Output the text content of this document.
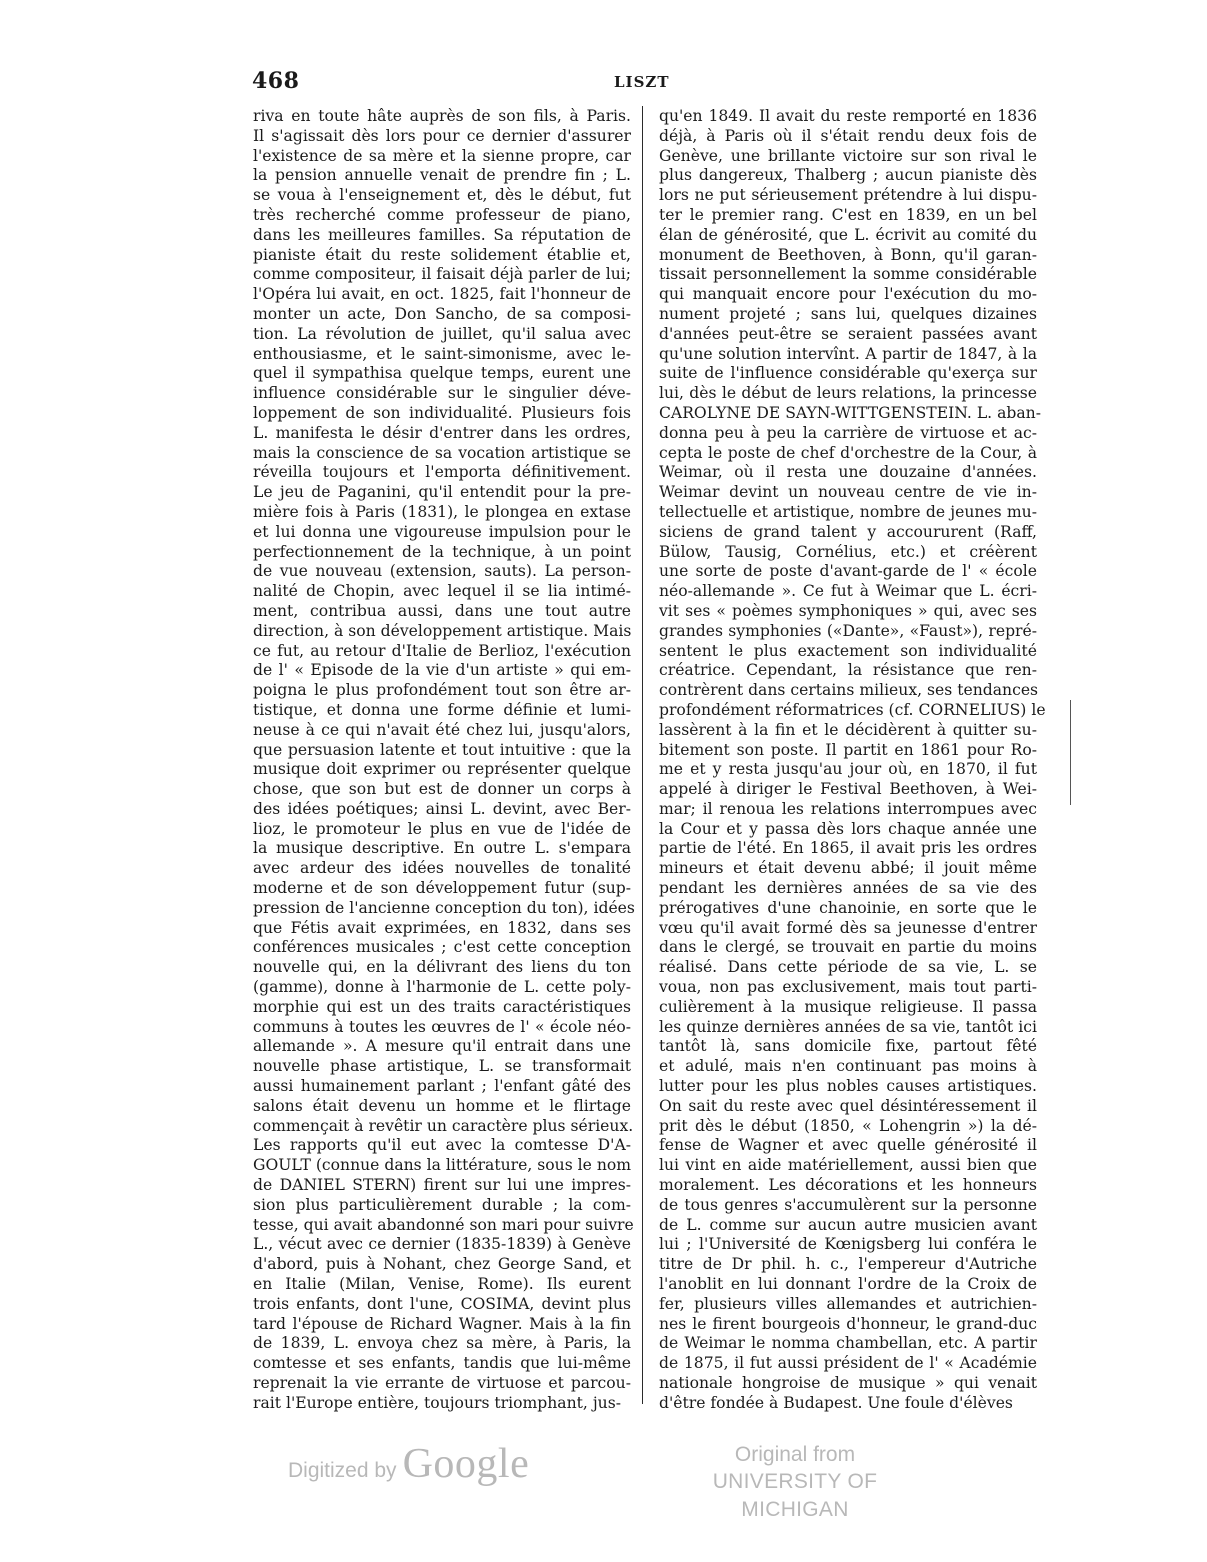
468	LISZT
riva en toute hâte auprès de son fils, à Paris.
Il s'agissait dès lors pour ce dernier d'assurer
l'existence de sa mère et la sienne propre, car
la pension annuelle venait de prendre fin ; L.
se voua à l'enseignement et, dès le début, fut
très recherché comme professeur de piano,
dans les meilleures familles. Sa réputation de
pianiste était du reste solidement établie et,
comme compositeur, il faisait déjà parler de lui;
l'Opéra lui avait, en oct. 1825, fait l'honneur de
monter un acte, Don Sancho, de sa composi-
tion. La révolution de juillet, qu'il salua avec
enthousiasme, et le saint-simonisme, avec le-
quel il sympathisa quelque temps, eurent une
influence considérable sur le singulier déve-
loppement de son individualité. Plusieurs fois
L. manifesta le désir d'entrer dans les ordres,
mais la conscience de sa vocation artistique se
réveilla toujours et l'emporta définitivement.
Le jeu de Paganini, qu'il entendit pour la pre-
mière fois à Paris (1831), le plongea en extase
et lui donna une vigoureuse impulsion pour le
perfectionnement de la technique, à un point
de vue nouveau (extension, sauts). La person-
nalité de Chopin, avec lequel il se lia intimé-
ment, contribua aussi, dans une tout autre
direction, à son développement artistique. Mais
ce fut, au retour d'Italie de Berlioz, l'exécution
de l' « Episode de la vie d'un artiste » qui em-
poigna le plus profondément tout son être ar-
tistique, et donna une forme définie et lumi-
neuse à ce qui n'avait été chez lui, jusqu'alors,
que persuasion latente et tout intuitive : que la
musique doit exprimer ou représenter quelque
chose, que son but est de donner un corps à
des idées poétiques; ainsi L. devint, avec Ber-
lioz, le promoteur le plus en vue de l'idée de
la musique descriptive. En outre L. s'empara
avec ardeur des idées nouvelles de tonalité
moderne et de son développement futur (sup-
pression de l'ancienne conception du ton), idées
que Fétis avait exprimées, en 1832, dans ses
conférences musicales ; c'est cette conception
nouvelle qui, en la délivrant des liens du ton
(gamme), donne à l'harmonie de L. cette poly-
morphie qui est un des traits caractéristiques
communs à toutes les œuvres de l' « école néo-
allemande ». A mesure qu'il entrait dans une
nouvelle phase artistique, L. se transformait
aussi humainement parlant ; l'enfant gâté des
salons était devenu un homme et le flirtage
commençait à revêtir un caractère plus sérieux.
Les rapports qu'il eut avec la comtesse D'A-
GOULT (connue dans la littérature, sous le nom
de DANIEL STERN) firent sur lui une impres-
sion plus particulièrement durable ; la com-
tesse, qui avait abandonné son mari pour suivre
L., vécut avec ce dernier (1835-1839) à Genève
d'abord, puis à Nohant, chez George Sand, et
en Italie (Milan, Venise, Rome). Ils eurent
trois enfants, dont l'une, COSIMA, devint plus
tard l'épouse de Richard Wagner. Mais à la fin
de 1839, L. envoya chez sa mère, à Paris, la
comtesse et ses enfants, tandis que lui-même
reprenait la vie errante de virtuose et parcou-
rait l'Europe entière, toujours triomphant, jus-
qu'en 1849. Il avait du reste remporté en 1836
déjà, à Paris où il s'était rendu deux fois de
Genève, une brillante victoire sur son rival le
plus dangereux, Thalberg ; aucun pianiste dès
lors ne put sérieusement prétendre à lui dispu-
ter le premier rang. C'est en 1839, en un bel
élan de générosité, que L. écrivit au comité du
monument de Beethoven, à Bonn, qu'il garan-
tissait personnellement la somme considérable
qui manquait encore pour l'exécution du mo-
nument projeté ; sans lui, quelques dizaines
d'années peut-être se seraient passées avant
qu'une solution intervînt. A partir de 1847, à la
suite de l'influence considérable qu'exerça sur
lui, dès le début de leurs relations, la princesse
CAROLYNE DE SAYN-WITTGENSTEIN. L. aban-
donna peu à peu la carrière de virtuose et ac-
cepta le poste de chef d'orchestre de la Cour, à
Weimar, où il resta une douzaine d'années.
Weimar devint un nouveau centre de vie in-
tellectuelle et artistique, nombre de jeunes mu-
siciens de grand talent y accoururent (Raff,
Bülow, Tausig, Cornélius, etc.) et créèrent
une sorte de poste d'avant-garde de l' « école
néo-allemande ». Ce fut à Weimar que L. écri-
vit ses « poèmes symphoniques » qui, avec ses
grandes symphonies («Dante», «Faust»), repré-
sentent le plus exactement son individualité
créatrice. Cependant, la résistance que ren-
contrèrent dans certains milieux, ses tendances
profondément réformatrices (cf. CORNELIUS) le
lassèrent à la fin et le décidèrent à quitter su-
bitement son poste. Il partit en 1861 pour Ro-
me et y resta jusqu'au jour où, en 1870, il fut
appelé à diriger le Festival Beethoven, à Wei-
mar; il renoua les relations interrompues avec
la Cour et y passa dès lors chaque année une
partie de l'été. En 1865, il avait pris les ordres
mineurs et était devenu abbé; il jouit même
pendant les dernières années de sa vie des
prérogatives d'une chanoinie, en sorte que le
vœu qu'il avait formé dès sa jeunesse d'entrer
dans le clergé, se trouvait en partie du moins
réalisé. Dans cette période de sa vie, L. se
voua, non pas exclusivement, mais tout parti-
culièrement à la musique religieuse. Il passa
les quinze dernières années de sa vie, tantôt ici
tantôt là, sans domicile fixe, partout fêté
et adulé, mais n'en continuant pas moins à
lutter pour les plus nobles causes artistiques.
On sait du reste avec quel désintéressement il
prit dès le début (1850, « Lohengrin ») la dé-
fense de Wagner et avec quelle générosité il
lui vint en aide matériellement, aussi bien que
moralement. Les décorations et les honneurs
de tous genres s'accumulèrent sur la personne
de L. comme sur aucun autre musicien avant
lui ; l'Université de Kœnigsberg lui conféra le
titre de Dr phil. h. c., l'empereur d'Autriche
l'anoblit en lui donnant l'ordre de la Croix de
fer, plusieurs villes allemandes et autrichien-
nes le firent bourgeois d'honneur, le grand-duc
de Weimar le nomma chambellan, etc. A partir
de 1875, il fut aussi président de l' « Académie
nationale hongroise de musique » qui venait
d'être fondée à Budapest. Une foule d'élèves
Digitized by Google	Original from
UNIVERSITY OF MICHIGAN
